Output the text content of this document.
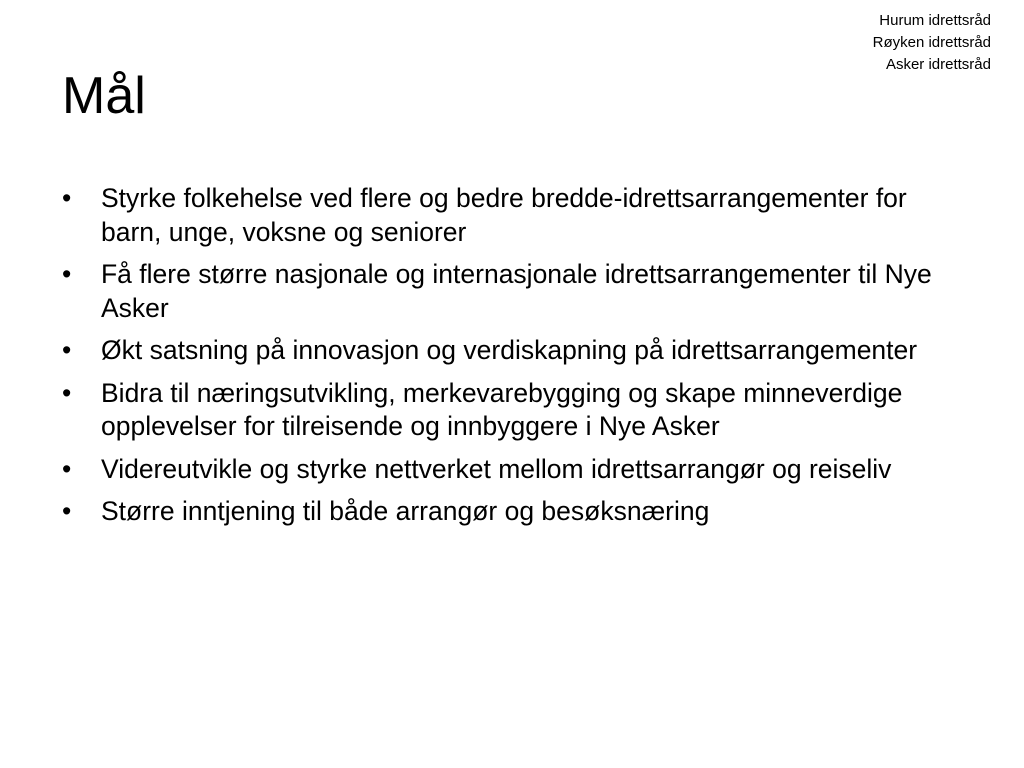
Hurum idrettsråd
Røyken idrettsråd
Asker idrettsråd
Mål
• Styrke folkehelse ved flere og bedre bredde-idrettsarrangementer for barn, unge, voksne og seniorer
• Få flere større nasjonale og internasjonale idrettsarrangementer til Nye Asker
• Økt satsning på innovasjon og verdiskapning på idrettsarrangementer
• Bidra til næringsutvikling, merkevarebygging og skape minneverdige opplevelser for tilreisende og innbyggere i Nye Asker
• Videreutvikle og styrke nettverket mellom idrettsarrangør og reiseliv
• Større inntjening til både arrangør og besøksnæring
